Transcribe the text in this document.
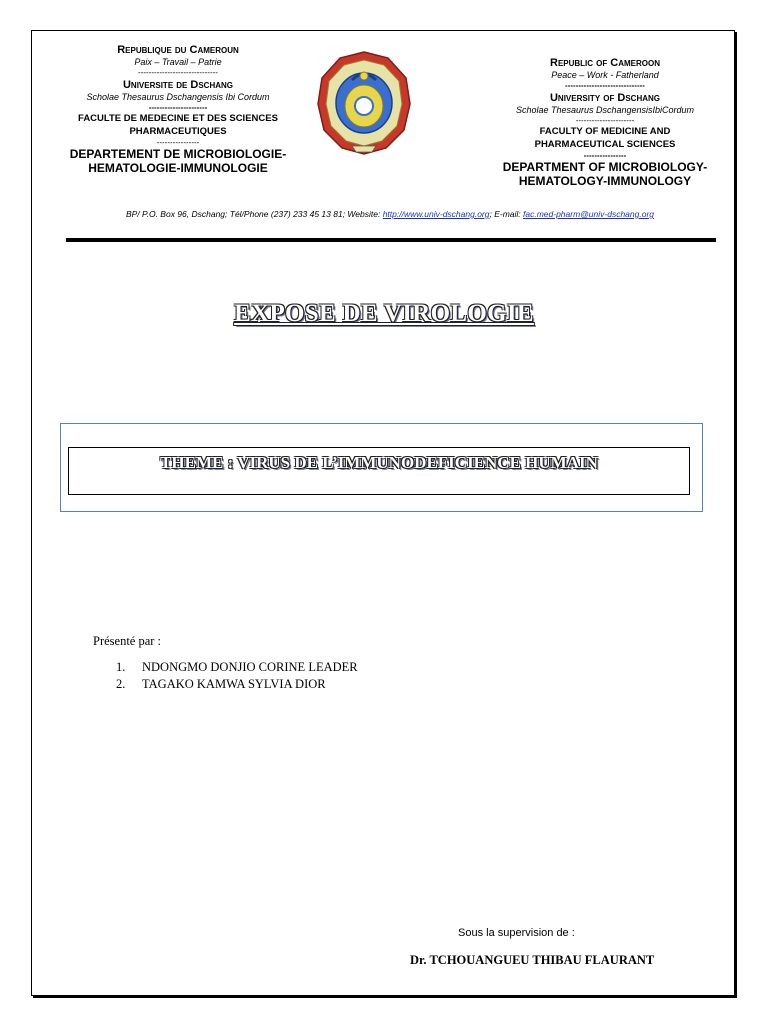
Republique du Cameroun
Paix – Travail – Patrie
------------------------------
Universite de Dschang
Scholae Thesaurus Dschangensis Ibi Cordum
----------------------
FACULTE DE MEDECINE ET DES SCIENCES
PHARMACEUTIQUES
----------------
DEPARTEMENT DE MICROBIOLOGIE-
HEMATOLOGIE-IMMUNOLOGIE
Republic of Cameroon
Peace – Work - Fatherland
------------------------------
University of Dschang
Scholae Thesaurus DschangensisIbiCordum
----------------------
FACULTY OF MEDICINE AND
PHARMACEUTICAL SCIENCES
----------------
DEPARTMENT OF MICROBIOLOGY-
HEMATOLOGY-IMMUNOLOGY
BP/ P.O. Box 96, Dschang; Tél/Phone (237) 233 45 13 81; Website: http://www.univ-dschang.org; E-mail: fac.med-pharm@univ-dschang.org
EXPOSE DE VIROLOGIE
THEME : VIRUS DE L’IMMUNODEFICIENCE HUMAIN
Présenté par :
1. NDONGMO DONJIO CORINE LEADER
2. TAGAKO KAMWA SYLVIA DIOR
Sous la supervision de :
Dr. TCHOUANGUEU THIBAU FLAURANT
